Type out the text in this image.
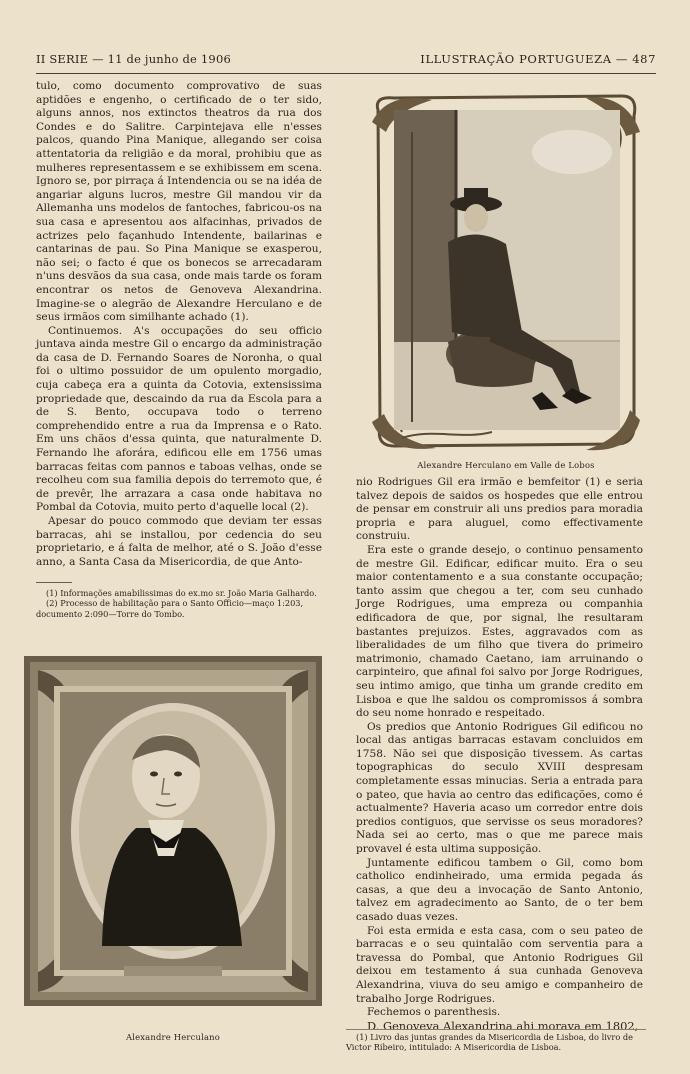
II SERIE — 11 de junho de 1906	ILLUSTRAÇÃO PORTUGUEZA — 487

tulo, como documento comprovativo de suas aptidões e engenho, o certificado de o ter sido, alguns annos, nos extinctos theatros da rua dos Condes e do Salitre. Carpintejava elle n'esses palcos, quando Pina Manique, allegando ser coisa attentatoria da religião e da moral, prohibiu que as mulheres representassem e se exhibissem em scena. Ignoro se, por pirraça á Intendencia ou se na idéa de angariar alguns lucros, mestre Gil mandou vir da Allemanha uns modelos de fantoches, fabricou-os na sua casa e apresentou aos alfacinhas, privados de actrizes pelo façanhudo Intendente, bailarinas e cantarinas de pau. So Pina Manique se exasperou, não sei; o facto é que os bonecos se arrecadaram n'uns desvãos da sua casa, onde mais tarde os foram encontrar os netos de Genoveva Alexandrina. Imagine-se o alegrão de Alexandre Herculano e de seus irmãos com similhante achado (1).

Continuemos. A's occupações do seu officio juntava ainda mestre Gil o encargo da administração da casa de D. Fernando Soares de Noronha, o qual foi o ultimo possuidor de um opulento morgadio, cuja cabeça era a quinta da Cotovia, extensissima propriedade que, descaindo da rua da Escola para a de S. Bento, occupava todo o terreno comprehendido entre a rua da Imprensa e o Rato. Em uns chãos d'essa quinta, que naturalmente D. Fernando lhe aforára, edificou elle em 1756 umas barracas feitas com pannos e taboas velhas, onde se recolheu com sua familia depois do terremoto que, é de prevêr, lhe arrazara a casa onde habitava no Pombal da Cotovia, muito perto d'aquelle local (2).

Apesar do pouco commodo que deviam ter essas barracas, ahi se installou, por cedencia do seu proprietario, e á falta de melhor, até o S. João d'esse anno, a Santa Casa da Misericordia, de que Anto-

(1) Informações amabilissimas do ex.mo sr. João Maria Galhardo.
(2) Processo de habilitação para o Santo Officio—maço 1:203, documento 2:090—Torre do Tombo.
Alexandre Herculano em Valle de Lobos

nio Rodrigues Gil era irmão e bemfeitor (1) e seria talvez depois de saidos os hospedes que elle entrou de pensar em construir ali uns predios para moradia propria e para aluguel, como effectivamente construiu.

Era este o grande desejo, o continuo pensamento de mestre Gil. Edificar, edificar muito. Era o seu maior contentamento e a sua constante occupação; tanto assim que chegou a ter, com seu cunhado Jorge Rodrigues, uma empreza ou companhia edificadora de que, por signal, lhe resultaram bastantes prejuizos. Estes, aggravados com as liberalidades de um filho que tivera do primeiro matrimonio, chamado Caetano, iam arruinando o carpinteiro, que afinal foi salvo por Jorge Rodrigues, seu intimo amigo, que tinha um grande credito em Lisboa e que lhe saldou os compromissos á sombra do seu nome honrado e respeitado.

Os predios que Antonio Rodrigues Gil edificou no local das antigas barracas estavam concluidos em 1758. Não sei que disposição tivessem. As cartas topographicas do seculo XVIII despresam completamente essas minucias. Seria a entrada para o pateo, que havia ao centro das edificações, como é actualmente? Haveria acaso um corredor entre dois predios contiguos, que servisse os seus moradores? Nada sei ao certo, mas o que me parece mais provavel é esta ultima supposição.

Juntamente edificou tambem o Gil, como bom catholico endinheirado, uma ermida pegada ás casas, a que deu a invocação de Santo Antonio, talvez em agradecimento ao Santo, de o ter bem casado duas vezes.

Foi esta ermida e esta casa, com o seu pateo de barracas e o seu quintalão com serventia para a travessa do Pombal, que Antonio Rodrigues Gil deixou em testamento á sua cunhada Genoveva Alexandrina, viuva do seu amigo e companheiro de trabalho Jorge Rodrigues.

Fechemos o parenthesis.

D. Genoveva Alexandrina ahi morava em 1802,

(1) Livro das juntas grandes da Misericordia de Lisboa, do livro de Victor Ribeiro, intitulado: A Misericordia de Lisboa.
Alexandre Herculano
